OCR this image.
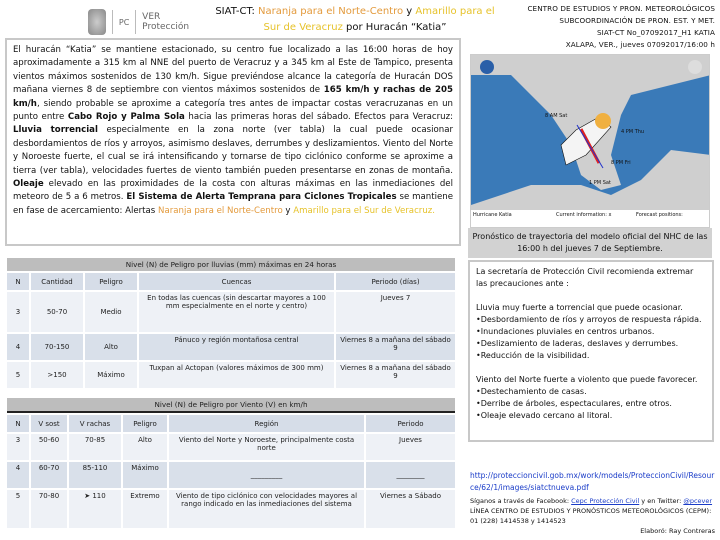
PC VER Protección
SIAT-CT: Naranja para el Norte-Centro y Amarillo para el Sur de Veracruz por Huracán “Katia”
CENTRO DE ESTUDIOS Y PRON. METEOROLÓGICOS
SUBCOORDINACIÓN DE PRON. EST. Y MET.
SIAT-CT No_07092017_H1 KATIA
XALAPA, VER., jueves 07092017/16:00 h
El huracán “Katia” se mantiene estacionado, su centro fue localizado a las 16:00 horas de hoy aproximadamente a 315 km al NNE del puerto de Veracruz y a 345 km al Este de Tampico, presenta vientos máximos sostenidos de 130 km/h. Sigue previéndose alcance la categoría de Huracán DOS mañana viernes 8 de septiembre con vientos máximos sostenidos de 165 km/h y rachas de 205 km/h, siendo probable se aproxime a categoría tres antes de impactar costas veracruzanas en un punto entre Cabo Rojo y Palma Sola hacia las primeras horas del sábado. Efectos para Veracruz: Lluvia torrencial especialmente en la zona norte (ver tabla) la cual puede ocasionar desbordamientos de ríos y arroyos, asimismo deslaves, derrumbes y deslizamientos. Viento del Norte y Noroeste fuerte, el cual se irá intensificando y tornarse de tipo ciclónico conforme se aproxime a tierra (ver tabla), velocidades fuertes de viento también pueden presentarse en zonas de montaña. Oleaje elevado en las proximidades de la costa con alturas máximas en las inmediaciones del meteoro de 5 a 6 metros. El Sistema de Alerta Temprana para Ciclones Tropicales se mantiene en fase de acercamiento: Alertas Naranja para el Norte-Centro y Amarillo para el Sur de Veracruz.
8 AM Sat
4 PM Thu
8 PM Fri
1 PM Sat
Hurricane Katia	Current information: x	Forecast positions:
Pronóstico de trayectoria del modelo oficial del NHC de las 16:00 h del jueves 7 de Septiembre.

La secretaría de Protección Civil recomienda extremar las precauciones ante :

Lluvia muy fuerte a torrencial que puede ocasionar.

•Desbordamiento de ríos y arroyos de respuesta rápida.

•Inundaciones pluviales en centros urbanos.

•Deslizamiento de laderas, deslaves y derrumbes.

•Reducción de la visibilidad.

Viento del Norte fuerte a violento que puede favorecer.

•Destechamiento de casas.

•Derribe de árboles, espectaculares, entre otros.

•Oleaje elevado cercano al litoral.

Nivel (N) de Peligro por lluvias (mm) máximas en 24 horas				
N	Cantidad	Peligro	Cuencas	Periodo (días)
3	50-70	Medio	En todas las cuencas (sin descartar mayores a 100 mm especialmente en el norte y centro)	Jueves 7
4	70-150	Alto	Pánuco y región montañosa central	Viernes 8 a mañana del sábado 9
5	>150	Máximo	Tuxpan al Actopan (valores máximos de 300 mm)	Viernes 8 a mañana del sábado 9
Nivel (N) de Peligro por Viento (V) en km/h					
N	V sost	V rachas	Peligro	Región	Periodo
3	50-60	70-85	Alto	Viento del Norte y Noroeste, principalmente costa norte	Jueves
4	60-70	85-110	Máximo	_________	________
5	70-80	➤ 110	Extremo	Viento de tipo ciclónico con velocidades mayores al rango indicado en las inmediaciones del sistema	Viernes a Sábado
http://proteccioncivil.gob.mx/work/models/ProteccionCivil/Resource/62/1/images/siatctnueva.pdf
Síganos a través de Facebook: Cepc Protección Civil y en Twitter: @pcever LÍNEA CENTRO DE ESTUDIOS Y PRONÓSTICOS METEOROLÓGICOS (CEPM): 01 (228) 1414538 y 1414523
Elaboró: Ray Contreras
